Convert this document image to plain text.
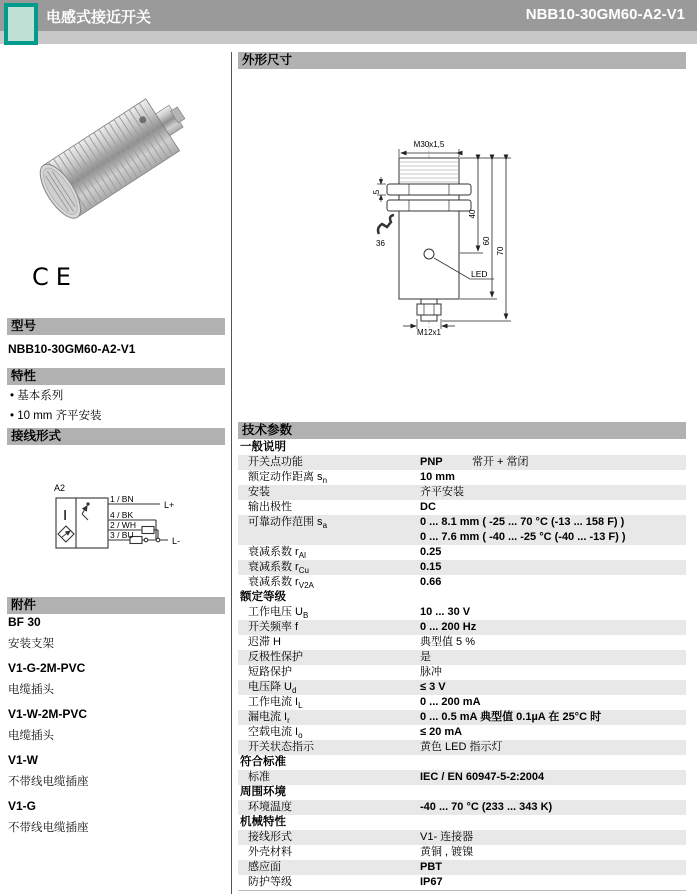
电感式接近开关	NBB10-30GM60-A2-V1
CE
型号
NBB10-30GM60-A2-V1
特性
• 基本系列
• 10 mm 齐平安装
接线形式
A2
I
1 / BN
4 / BK
2 / WH
3 / BU
L+
L-
附件
BF 30
安装支架
V1-G-2M-PVC
电缆插头
V1-W-2M-PVC
电缆插头
V1-W
不带线电缆插座
V1-G
不带线电缆插座
外形尺寸
M30x1,5
5
36
LED
M12x1
40
60
70
技术参数
一般说明
开关点功能	PNP	常开 + 常闭
额定动作距离 $s_n$	10 mm
安装	齐平安装
输出极性	DC
可靠动作范围 $s_a$	0 ... 8.1 mm ( -25 ... 70 °C (-13 ... 158 F) )
0 ... 7.6 mm ( -40 ... -25 °C (-40 ... -13 F) )
衰减系数 $r_{Al}$	0.25
衰减系数 $r_{Cu}$	0.15
衰减系数 $r_{V2A}$	0.66
额定等级
工作电压 $U_B$	10 ... 30 V
开关频率 f	0 ... 200 Hz
迟滞 H	典型值 5 %
反极性保护	是
短路保护	脉冲
电压降 $U_d$	≤ 3 V
工作电流 $I_L$	0 ... 200 mA
漏电流 $I_r$	0 ... 0.5 mA 典型值 0.1µA 在 25°C 时
空载电流 $I_o$	≤ 20 mA
开关状态指示	黄色 LED 指示灯
符合标准
标准	IEC / EN 60947-5-2:2004
周围环境
环境温度	-40 ... 70 °C (233 ... 343 K)
机械特性
接线形式	V1- 连接器
外壳材料	黄铜 , 镀镍
感应面	PBT
防护等级	IP67
